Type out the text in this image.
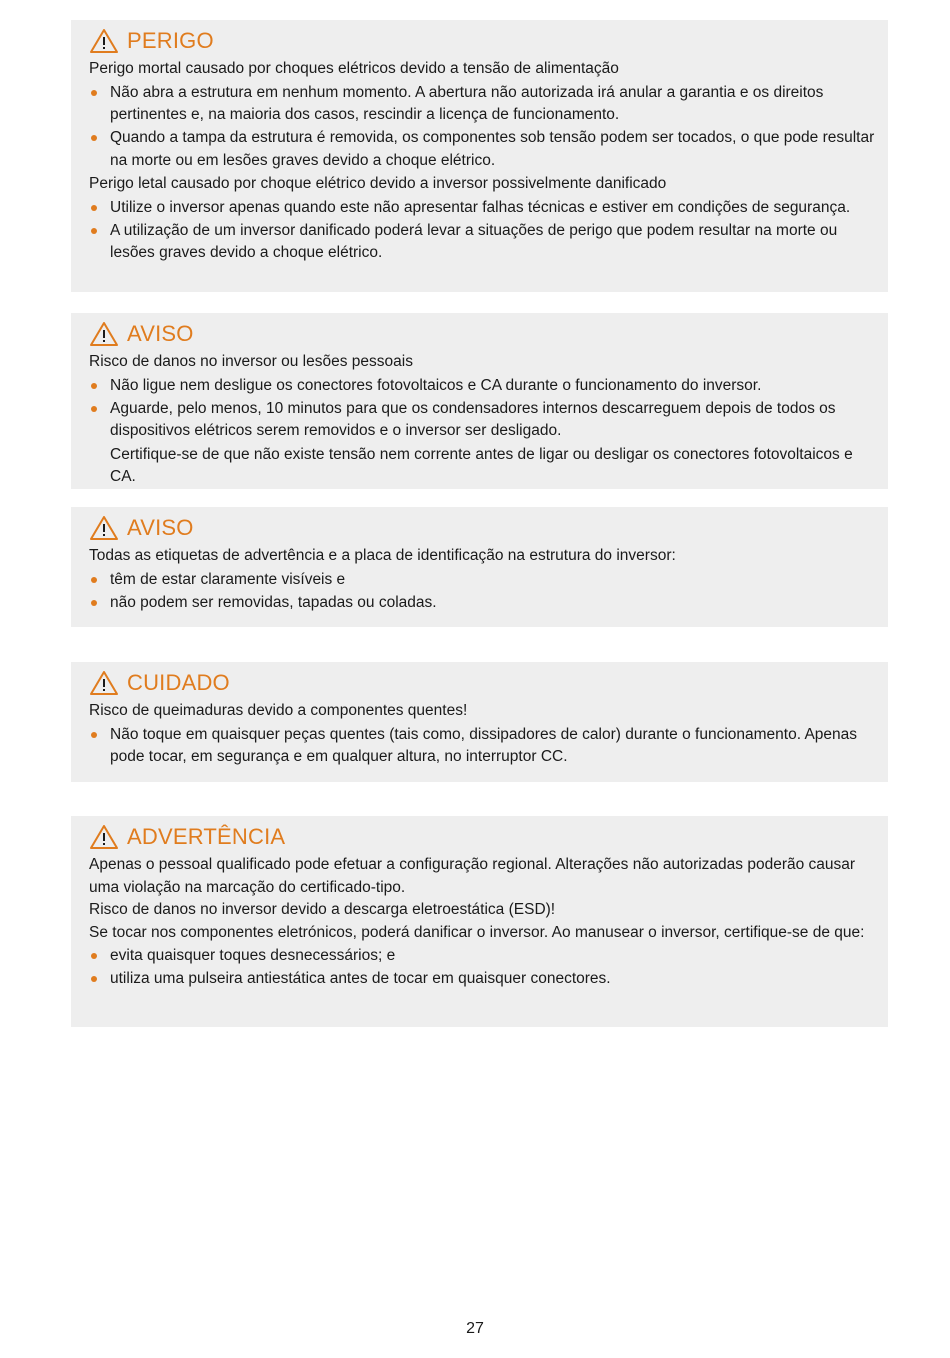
PERIGO

Perigo mortal causado por choques elétricos devido a tensão de alimentação

Não abra a estrutura em nenhum momento. A abertura não autorizada irá anular a garantia e os direitos pertinentes e, na maioria dos casos, rescindir a licença de funcionamento.
Quando a tampa da estrutura é removida, os componentes sob tensão podem ser tocados, o que pode resultar na morte ou em lesões graves devido a choque elétrico.

Perigo letal causado por choque elétrico devido a inversor possivelmente danificado

Utilize o inversor apenas quando este não apresentar falhas técnicas e estiver em condições de segurança.
A utilização de um inversor danificado poderá levar a situações de perigo que podem resultar na morte ou lesões graves devido a choque elétrico.
AVISO

Risco de danos no inversor ou lesões pessoais

Não ligue nem desligue os conectores fotovoltaicos e CA durante o funcionamento do inversor.
Aguarde, pelo menos, 10 minutos para que os condensadores internos descarreguem depois de todos os dispositivos elétricos serem removidos e o inversor ser desligado.
Certifique-se de que não existe tensão nem corrente antes de ligar ou desligar os conectores fotovoltaicos e CA.
AVISO

Todas as etiquetas de advertência e a placa de identificação na estrutura do inversor:

têm de estar claramente visíveis e
não podem ser removidas, tapadas ou coladas.
CUIDADO

Risco de queimaduras devido a componentes quentes!

Não toque em quaisquer peças quentes (tais como, dissipadores de calor) durante o funcionamento. Apenas pode tocar, em segurança e em qualquer altura, no interruptor CC.
ADVERTÊNCIA

Apenas o pessoal qualificado pode efetuar a configuração regional. Alterações não autorizadas poderão causar uma violação na marcação do certificado-tipo.

Risco de danos no inversor devido a descarga eletroestática (ESD)!

Se tocar nos componentes eletrónicos, poderá danificar o inversor. Ao manusear o inversor, certifique-se de que:

evita quaisquer toques desnecessários; e
utiliza uma pulseira antiestática antes de tocar em quaisquer conectores.
27
